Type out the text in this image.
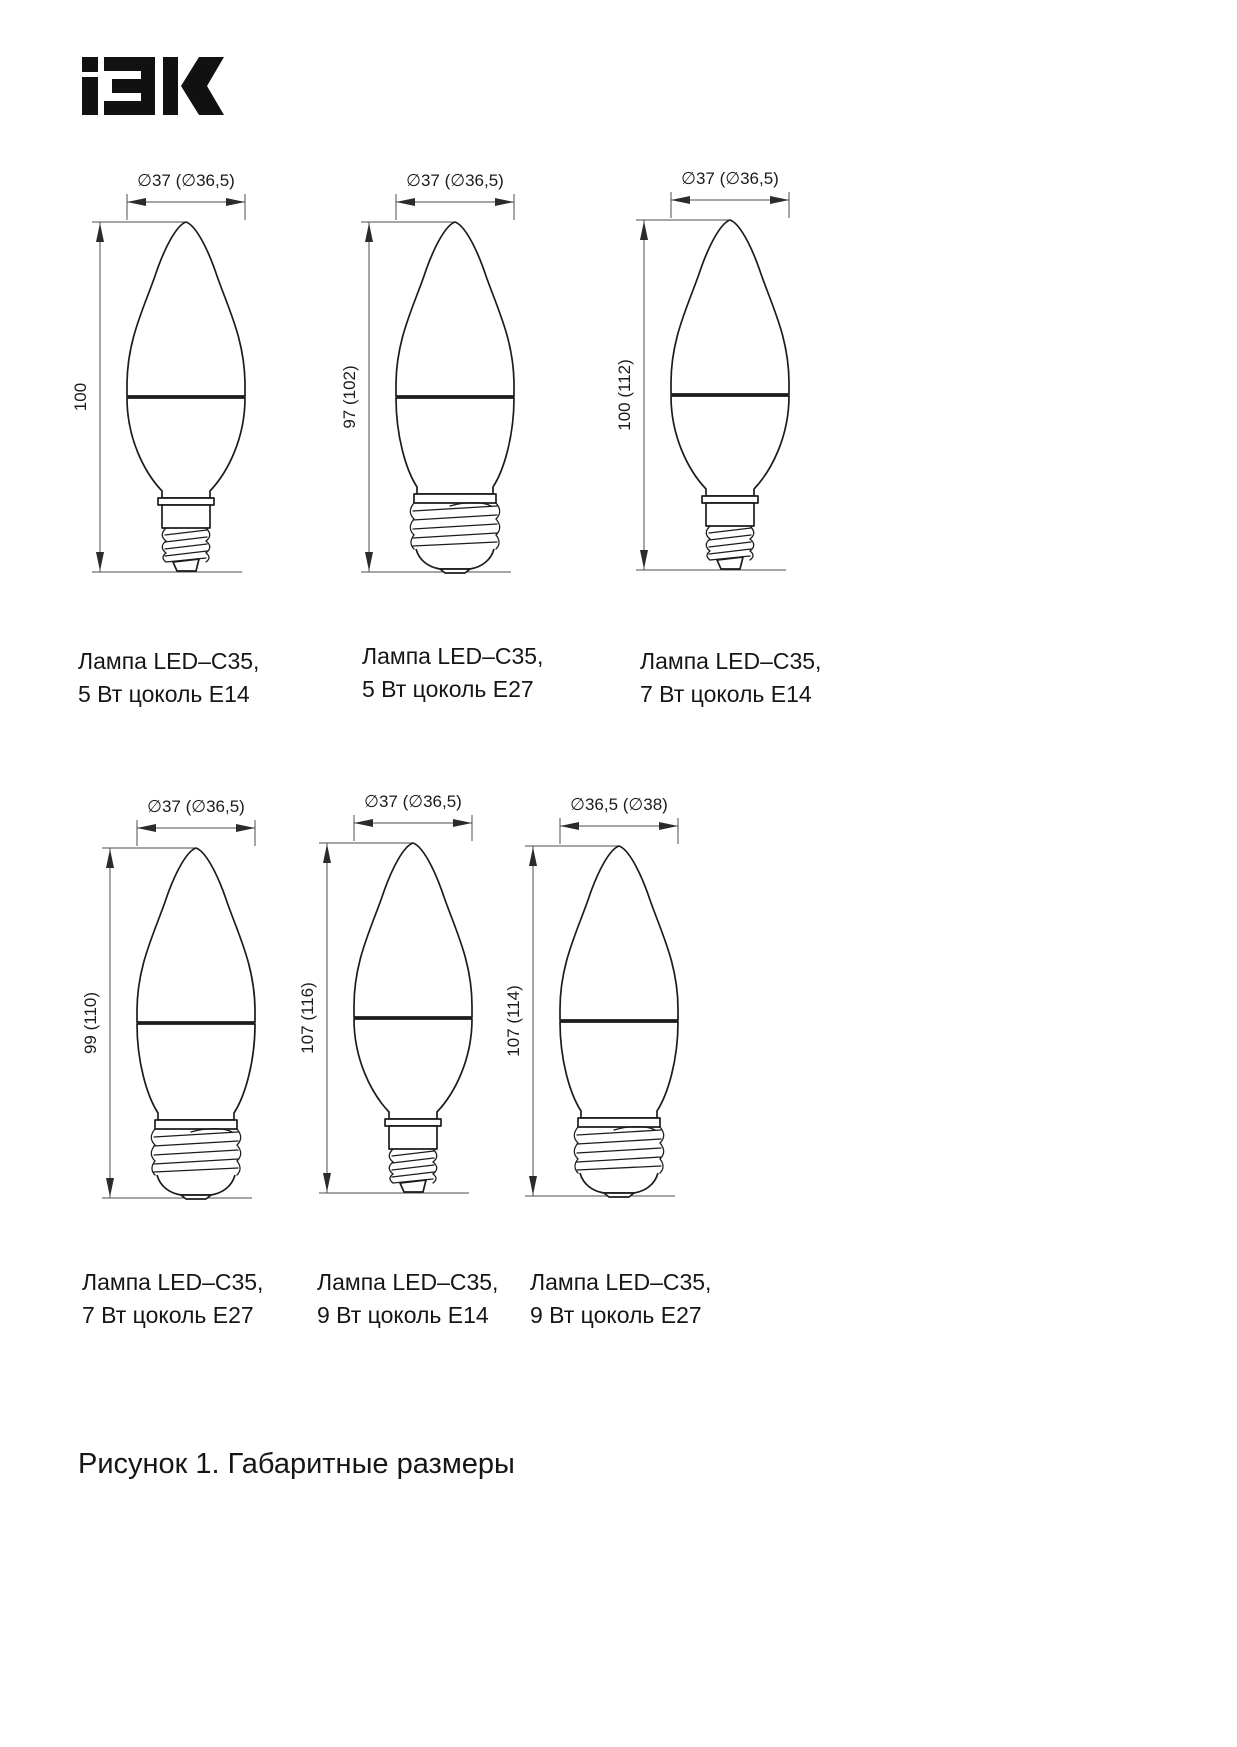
∅37 (∅36,5)
100
∅37 (∅36,5)
97 (102)
∅37 (∅36,5)
100 (112)
Лампа LED–C35,
5 Вт цоколь Е14
Лампа LED–C35,
5 Вт цоколь Е27
Лампа LED–C35,
7 Вт цоколь Е14
∅37 (∅36,5)
99 (110)
∅37 (∅36,5)
107 (116)
∅36,5 (∅38)
107 (114)
Лампа LED–C35,
7 Вт цоколь Е27
Лампа LED–C35,
9 Вт цоколь Е14
Лампа LED–C35,
9 Вт цоколь Е27
Рисунок 1. Габаритные размеры
